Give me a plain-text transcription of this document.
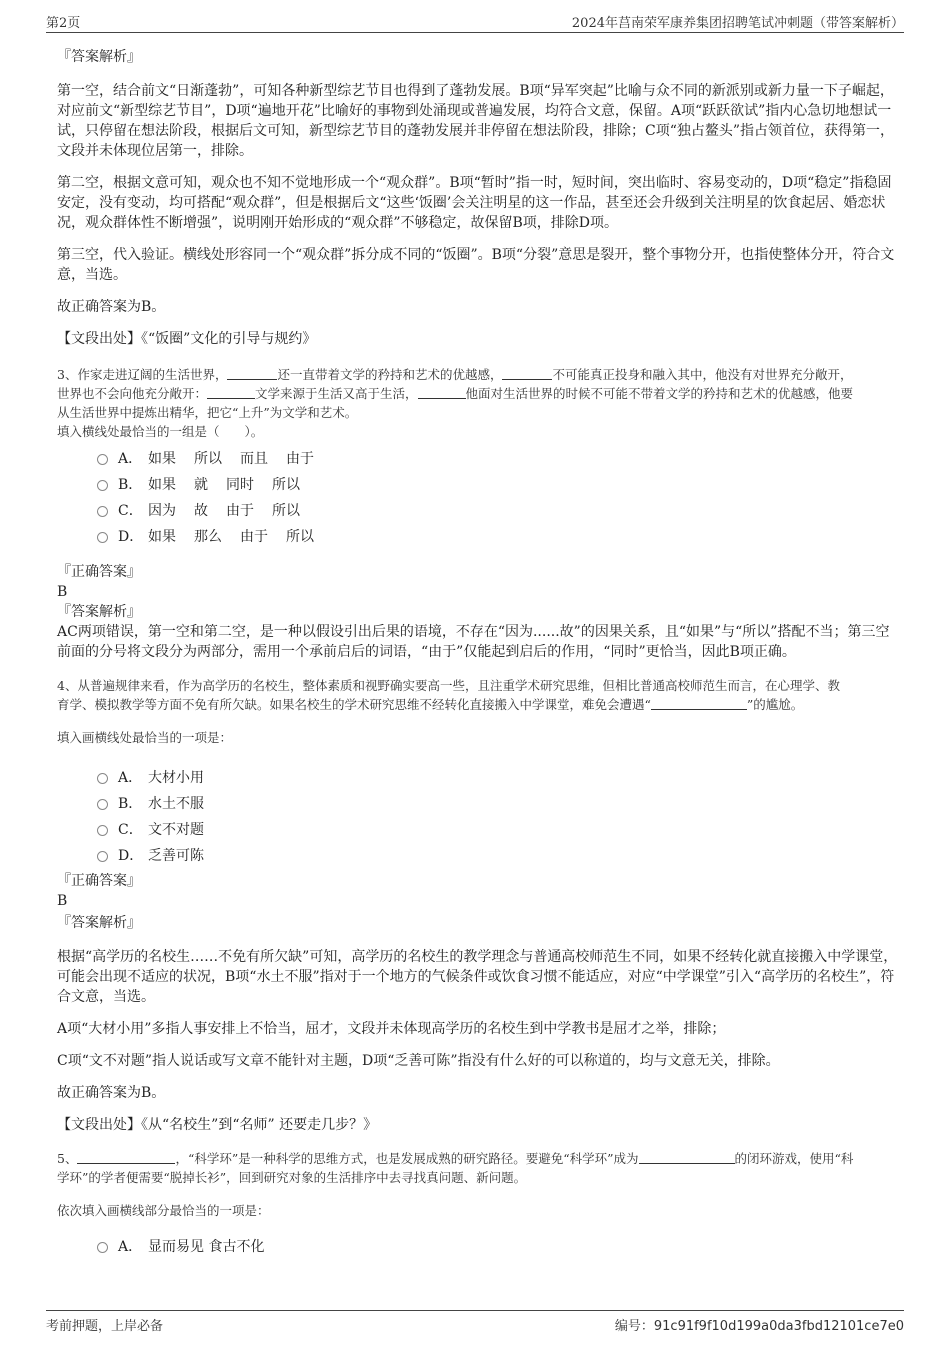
第2页	2024年莒南荣军康养集团招聘笔试冲刺题（带答案解析）

『答案解析』

第一空，结合前文“日渐蓬勃”，可知各种新型综艺节目也得到了蓬勃发展。B项“异军突起”比喻与众不同的新派别或新力量一下子崛起，对应前文“新型综艺节目”，D项“遍地开花”比喻好的事物到处涌现或普遍发展，均符合文意，保留。A项“跃跃欲试”指内心急切地想试一试，只停留在想法阶段，根据后文可知，新型综艺节目的蓬勃发展并非停留在想法阶段，排除；C项“独占鳌头”指占领首位，获得第一，文段并未体现位居第一，排除。

第二空，根据文意可知，观众也不知不觉地形成一个“观众群”。B项“暂时”指一时，短时间，突出临时、容易变动的，D项“稳定”指稳固安定，没有变动，均可搭配“观众群”，但是根据后文“这些‘饭圈’会关注明星的这一作品，甚至还会升级到关注明星的饮食起居、婚恋状况，观众群体性不断增强”，说明刚开始形成的“观众群”不够稳定，故保留B项，排除D项。

第三空，代入验证。横线处形容同一个“观众群”拆分成不同的“饭圈”。B项“分裂”意思是裂开，整个事物分开，也指使整体分开，符合文意，当选。

故正确答案为B。

【文段出处】《“饭圈”文化的引导与规约》

3、作家走进辽阔的生活世界，	还一直带着文学的矜持和艺术的优越感，	不可能真正投身和融入其中，他没有对世界充分敞开，

世界也不会向他充分敞开：	文学来源于生活又高于生活，	他面对生活世界的时候不可能不带着文学的矜持和艺术的优越感，他要

从生活世界中提炼出精华，把它“上升”为文学和艺术。

填入横线处最恰当的一组是（　　）。

A． 如果 所以 而且 由于
B． 如果 就 同时 所以
C． 因为 故 由于 所以
D． 如果 那么 由于 所以

『正确答案』

B

『答案解析』

AC两项错误，第一空和第二空，是一种以假设引出后果的语境，不存在“因为......故”的因果关系，且“如果”与“所以”搭配不当；第三空前面的分号将文段分为两部分，需用一个承前启后的词语，“由于”仅能起到启后的作用，“同时”更恰当，因此B项正确。

4、从普遍规律来看，作为高学历的名校生，整体素质和视野确实要高一些，且注重学术研究思维，但相比普通高校师范生而言，在心理学、教

育学、模拟教学等方面不免有所欠缺。如果名校生的学术研究思维不经转化直接搬入中学课堂，难免会遭遇“	”的尴尬。

填入画横线处最恰当的一项是：

A． 大材小用
B． 水土不服
C． 文不对题
D． 乏善可陈

『正确答案』

B

『答案解析』

根据“高学历的名校生……不免有所欠缺”可知，高学历的名校生的教学理念与普通高校师范生不同，如果不经转化就直接搬入中学课堂，可能会出现不适应的状况，B项“水土不服”指对于一个地方的气候条件或饮食习惯不能适应，对应“中学课堂”引入“高学历的名校生”，符合文意，当选。

A项“大材小用”多指人事安排上不恰当，屈才，文段并未体现高学历的名校生到中学教书是屈才之举，排除；

C项“文不对题”指人说话或写文章不能针对主题，D项“乏善可陈”指没有什么好的可以称道的，均与文意无关，排除。

故正确答案为B。

【文段出处】《从“名校生”到“名师” 还要走几步？》

5、	，“科学环”是一种科学的思维方式，也是发展成熟的研究路径。要避免“科学环”成为	的闭环游戏，使用“科

学环”的学者便需要“脱掉长衫”，回到研究对象的生活排序中去寻找真问题、新问题。

依次填入画横线部分最恰当的一项是：

A． 显而易见 食古不化
考前押题，上岸必备	编号：91c91f9f10d199a0da3fbd12101ce7e0
